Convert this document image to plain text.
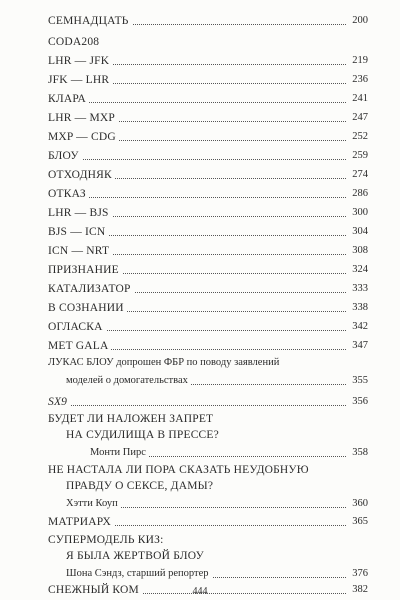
СЕМНАДЦАТЬ	200
CODA208
LHR — JFK	219
JFK — LHR	236
КЛАРА	241
LHR — MXP	247
MXP — CDG	252
БЛОУ	259
ОТХОДНЯК	274
ОТКАЗ	286
LHR — BJS	300
BJS — ICN	304
ICN — NRT	308
ПРИЗНАНИЕ	324
КАТАЛИЗАТОР	333
В СОЗНАНИИ	338
ОГЛАСКА	342
MET GALA	347
ЛУКАС БЛОУ допрошен ФБР по поводу заявлений
моделей о домогательствах	355
SX9	356
БУДЕТ ЛИ НАЛОЖЕН ЗАПРЕТ
НА СУДИЛИЩА В ПРЕССЕ?
Монти Пирс	358
НЕ НАСТАЛА ЛИ ПОРА СКАЗАТЬ НЕУДОБНУЮ
ПРАВДУ О СЕКСЕ, ДАМЫ?
Хэтти Коуп	360
МАТРИАРХ	365
СУПЕРМОДЕЛЬ КИЗ:
Я БЫЛА ЖЕРТВОЙ БЛОУ
Шона Сэндз, старший репортер	376
СНЕЖНЫЙ КОМ	382
444
